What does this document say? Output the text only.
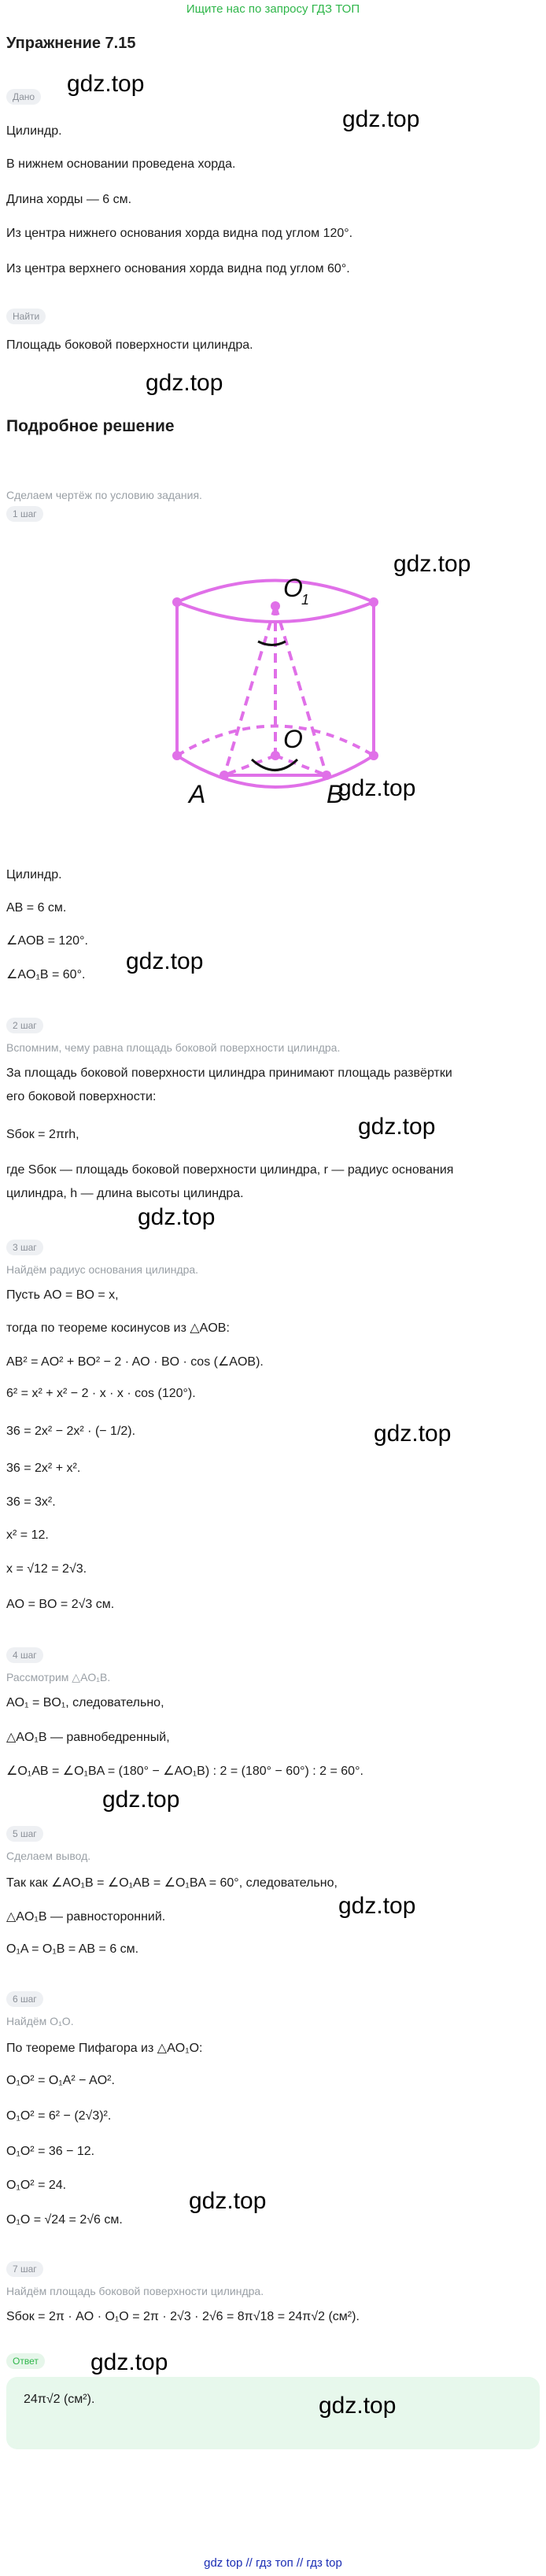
Ищите нас по запросу ГДЗ ТОП
Упражнение 7.15
Дано gdz.top
gdz.top
Цилиндр.
В нижнем основании проведена хорда.
Длина хорды — 6 см.
Из центра нижнего основания хорда видна под углом 120°.
Из центра верхнего основания хорда видна под углом 60°.
Найти
Площадь боковой поверхности цилиндра.
gdz.top
Подробное решение
1 шаг
Сделаем чертёж по условию задания.
O
1
O
A	B
gdz.top
gdz.top
Цилиндр.
AB = 6 см.
∠AOB = 120°.
∠AO₁B = 60°.
gdz.top
2 шаг
Вспомним, чему равна площадь боковой поверхности цилиндра.
За площадь боковой поверхности цилиндра принимают площадь развёртки
его боковой поверхности:
gdz.top
Sбок = 2πrh,
где Sбок — площадь боковой поверхности цилиндра, r — радиус основания
цилиндра, h — длина высоты цилиндра.
gdz.top
3 шаг
Найдём радиус основания цилиндра.
Пусть AO = BO = x,
тогда по теореме косинусов из △AOB:
AB² = AO² + BO² − 2 · AO · BO · cos (∠AOB).
6² = x² + x² − 2 · x · x · cos (120°).
gdz.top
36 = 2x² − 2x² · (− 1/2).
36 = 2x² + x².
36 = 3x².
x² = 12.
x = √12 = 2√3.
AO = BO = 2√3 см.
4 шаг
Рассмотрим △AO₁B.
AO₁ = BO₁, следовательно,
△AO₁B — равнобедренный,
∠O₁AB = ∠O₁BA = (180° − ∠AO₁B) : 2 = (180° − 60°) : 2 = 60°.
gdz.top
5 шаг
Сделаем вывод.
Так как ∠AO₁B = ∠O₁AB = ∠O₁BA = 60°, следовательно,
gdz.top
△AO₁B — равносторонний.
O₁A = O₁B = AB = 6 см.
6 шаг
Найдём O₁O.
По теореме Пифагора из △AO₁O:
O₁O² = O₁A² − AO².
O₁O² = 6² − (2√3)².
O₁O² = 36 − 12.
O₁O² = 24.
O₁O = √24 = 2√6 см.
gdz.top
7 шаг
Найдём площадь боковой поверхности цилиндра.
Sбок = 2π · AO · O₁O = 2π · 2√3 · 2√6 = 8π√18 = 24π√2 (см²).
Ответ gdz.top
24π√2 (см²).	gdz.top
gdz top // гдз топ // гдз top
